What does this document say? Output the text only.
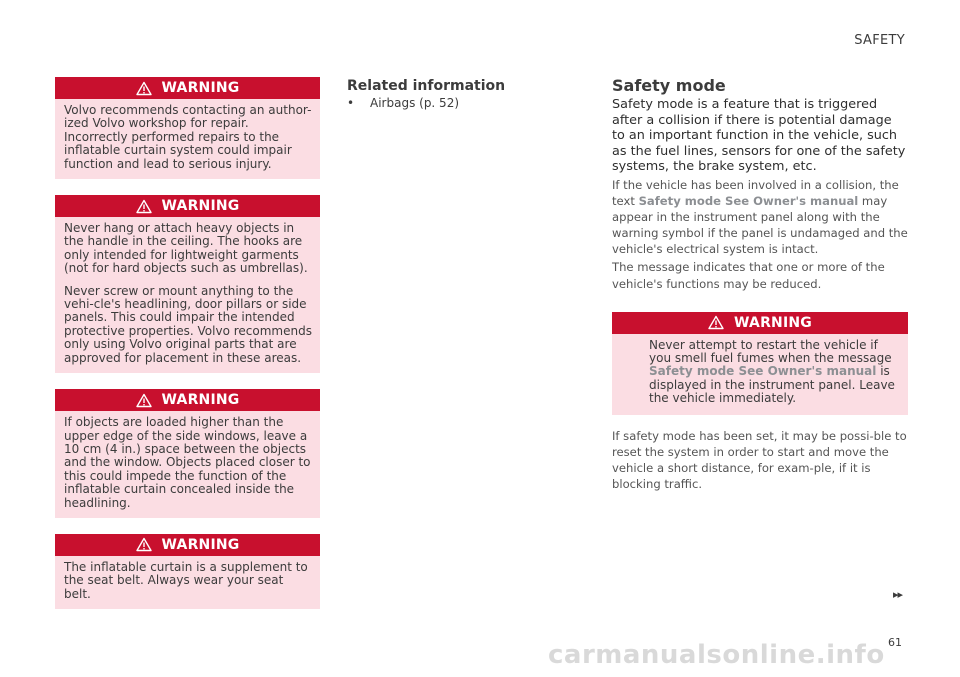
SAFETY
WARNING

Volvo recommends contacting an author-ized Volvo workshop for repair. Incorrectly performed repairs to the inflatable curtain system could impair function and lead to serious injury.

WARNING

Never hang or attach heavy objects in the handle in the ceiling. The hooks are only intended for lightweight garments (not for hard objects such as umbrellas).

Never screw or mount anything to the vehi-cle's headlining, door pillars or side panels. This could impair the intended protective properties. Volvo recommends only using Volvo original parts that are approved for placement in these areas.

WARNING

If objects are loaded higher than the upper edge of the side windows, leave a 10 cm (4 in.) space between the objects and the window. Objects placed closer to this could impede the function of the inflatable curtain concealed inside the headlining.

WARNING

The inflatable curtain is a supplement to the seat belt. Always wear your seat belt.

Related information
•	Airbags (p. 52)
Safety mode

Safety mode is a feature that is triggered after a collision if there is potential damage to an important function in the vehicle, such as the fuel lines, sensors for one of the safety systems, the brake system, etc.

If the vehicle has been involved in a collision, the text Safety mode See Owner's manual may appear in the instrument panel along with the warning symbol if the panel is undamaged and the vehicle's electrical system is intact.

The message indicates that one or more of the vehicle's functions may be reduced.

WARNING

Never attempt to restart the vehicle if you smell fuel fumes when the message Safety mode See Owner's manual is displayed in the instrument panel. Leave the vehicle immediately.

If safety mode has been set, it may be possi-ble to reset the system in order to start and move the vehicle a short distance, for exam-ple, if it is blocking traffic.

▸▸
61
carmanualsonline.info
